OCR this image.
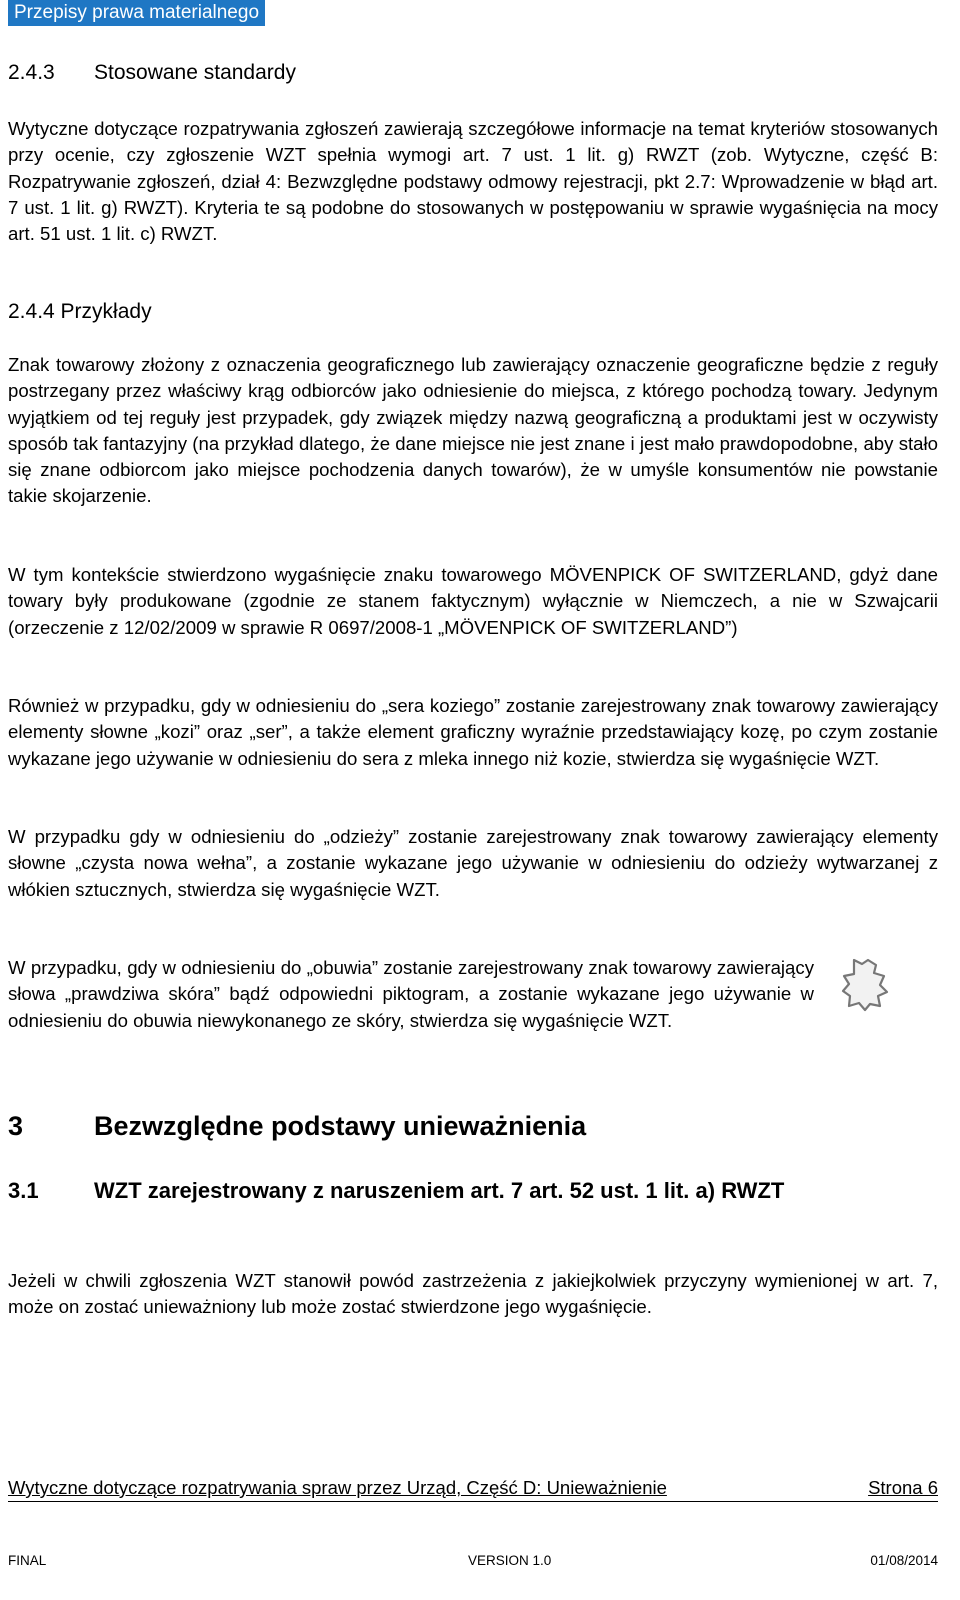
Przepisy prawa materialnego
2.4.3 Stosowane standardy
Wytyczne dotyczące rozpatrywania zgłoszeń zawierają szczegółowe informacje na temat kryteriów stosowanych przy ocenie, czy zgłoszenie WZT spełnia wymogi art. 7 ust. 1 lit. g) RWZT (zob. Wytyczne, część B: Rozpatrywanie zgłoszeń, dział 4: Bezwzględne podstawy odmowy rejestracji, pkt 2.7: Wprowadzenie w błąd art. 7 ust. 1 lit. g) RWZT). Kryteria te są podobne do stosowanych w postępowaniu w sprawie wygaśnięcia na mocy art. 51 ust. 1 lit. c) RWZT.
2.4.4 Przykłady
Znak towarowy złożony z oznaczenia geograficznego lub zawierający oznaczenie geograficzne będzie z reguły postrzegany przez właściwy krąg odbiorców jako odniesienie do miejsca, z którego pochodzą towary. Jedynym wyjątkiem od tej reguły jest przypadek, gdy związek między nazwą geograficzną a produktami jest w oczywisty sposób tak fantazyjny (na przykład dlatego, że dane miejsce nie jest znane i jest mało prawdopodobne, aby stało się znane odbiorcom jako miejsce pochodzenia danych towarów), że w umyśle konsumentów nie powstanie takie skojarzenie.
W tym kontekście stwierdzono wygaśnięcie znaku towarowego MÖVENPICK OF SWITZERLAND, gdyż dane towary były produkowane (zgodnie ze stanem faktycznym) wyłącznie w Niemczech, a nie w Szwajcarii (orzeczenie z 12/02/2009 w sprawie R 0697/2008-1 „MÖVENPICK OF SWITZERLAND”)
Również w przypadku, gdy w odniesieniu do „sera koziego” zostanie zarejestrowany znak towarowy zawierający elementy słowne „kozi” oraz „ser”, a także element graficzny wyraźnie przedstawiający kozę, po czym zostanie wykazane jego używanie w odniesieniu do sera z mleka innego niż kozie, stwierdza się wygaśnięcie WZT.
W przypadku gdy w odniesieniu do „odzieży” zostanie zarejestrowany znak towarowy zawierający elementy słowne „czysta nowa wełna”, a zostanie wykazane jego używanie w odniesieniu do odzieży wytwarzanej z włókien sztucznych, stwierdza się wygaśnięcie WZT.
W przypadku, gdy w odniesieniu do „obuwia” zostanie zarejestrowany znak towarowy zawierający słowa „prawdziwa skóra” bądź odpowiedni piktogram, a zostanie wykazane jego używanie w odniesieniu do obuwia niewykonanego ze skóry, stwierdza się wygaśnięcie WZT.
3	Bezwzględne podstawy unieważnienia
3.1	WZT zarejestrowany z naruszeniem art. 7 art. 52 ust. 1 lit. a) RWZT
Jeżeli w chwili zgłoszenia WZT stanowił powód zastrzeżenia z jakiejkolwiek przyczyny wymienionej w art. 7, może on zostać unieważniony lub może zostać stwierdzone jego wygaśnięcie.
Wytyczne dotyczące rozpatrywania spraw przez Urząd, Część D: Unieważnienie	Strona 6
FINAL	VERSION 1.0	01/08/2014
